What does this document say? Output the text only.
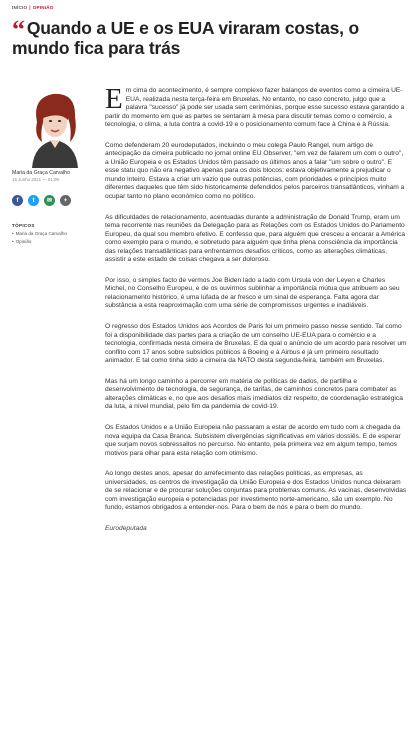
INÍCIO | OPINIÃO
“ Quando a UE e os EUA viraram costas, o mundo fica para trás
Maria da Graça Carvalho
16 Junho 2021 — 01:09
f	t	✉	+
TÓPICOS
• Maria da Graça Carvalho
• Opinião

Em cima do acontecimento, é sempre complexo fazer balanços de eventos como a cimeira UE-EUA, realizada nesta terça-feira em Bruxelas. No entanto, no caso concreto, julgo que a palavra "sucesso" já pode ser usada sem cerimónias, porque esse sucesso estava garantido a partir do momento em que as partes se sentaram à mesa para discutir temas como o comércio, a tecnologia, o clima, a luta contra a covid-19 e o posicionamento comum face à China e à Rússia.

Como defenderam 20 eurodeputados, incluindo o meu colega Paulo Rangel, num artigo de antecipação da cimeira publicado no jornal online EU Observer, "em vez de falarem um com o outro", a União Europeia e os Estados Unidos têm passado os últimos anos a falar "um sobre o outro". E esse statu quo não era negativo apenas para os dois blocos: estava objetivamente a prejudicar o mundo inteiro. Estava a criar um vazio que outras potências, com prioridades e princípios muito diferentes daqueles que têm sido historicamente defendidos pelos parceiros transatlânticos, vinham a ocupar tanto no plano económico como no político.

As dificuldades de relacionamento, acentuadas durante a administração de Donald Trump, eram um tema recorrente nas reuniões da Delegação para as Relações com os Estados Unidos do Parlamento Europeu, da qual sou membro efetivo. E confesso que, para alguém que cresceu a encarar a América como exemplo para o mundo, e sobretudo para alguém que tinha plena consciência da importância das relações transatlânticas para enfrentarmos desafios críticos, como as alterações climáticas, assistir a este estado de coisas chegava a ser doloroso.

Por isso, o simples facto de vermos Joe Biden lado a lado com Ursula von der Leyen e Charles Michel, no Conselho Europeu, e de os ouvirmos sublinhar a importância mútua que atribuem ao seu relacionamento histórico, é uma lufada de ar fresco e um sinal de esperança. Falta agora dar substância a esta reaproximação com uma série de compromissos urgentes e inadiáveis.

O regresso dos Estados Unidos aos Acordos de Paris foi um primeiro passo nesse sentido. Tal como foi a disponibilidade das partes para a criação de um conselho UE-EUA para o comércio e a tecnologia, confirmada nesta cimeira de Bruxelas. E da qual o anúncio de um acordo para resolver um conflito com 17 anos sobre subsídios públicos à Boeing e à Airbus é já um primeiro resultado animador. E tal como tinha sido a cimeira da NATO desta segunda-feira, também em Bruxelas.

Mas há um longo caminho a percorrer em matéria de políticas de dados, de partilha e desenvolvimento de tecnologia, de segurança, de tarifas, de caminhos concretos para combater as alterações climáticas e, no que aos desafios mais imediatos diz respeito, de coordenação estratégica da luta, a nível mundial, pelo fim da pandemia de covid-19.

Os Estados Unidos e a União Europeia não passaram a estar de acordo em tudo com a chegada da nova equipa da Casa Branca. Subsistem divergências significativas em vários dossiês. E de esperar que surjam novos sobressaltos no percurso. No entanto, pela primeira vez em algum tempo, temos motivos para olhar para esta relação com otimismo.

Ao longo destes anos, apesar do arrefecimento das relações políticas, as empresas, as universidades, os centros de investigação da União Europeia e dos Estados Unidos nunca deixaram de se relacionar e de procurar soluções conjuntas para problemas comuns. As vacinas, desenvolvidas com investigação europeia e potenciadas por investimento norte-americano, são um exemplo. No fundo, estamos obrigados a entender-nos. Para o bem de nós e para o bem do mundo.

Eurodeputada
